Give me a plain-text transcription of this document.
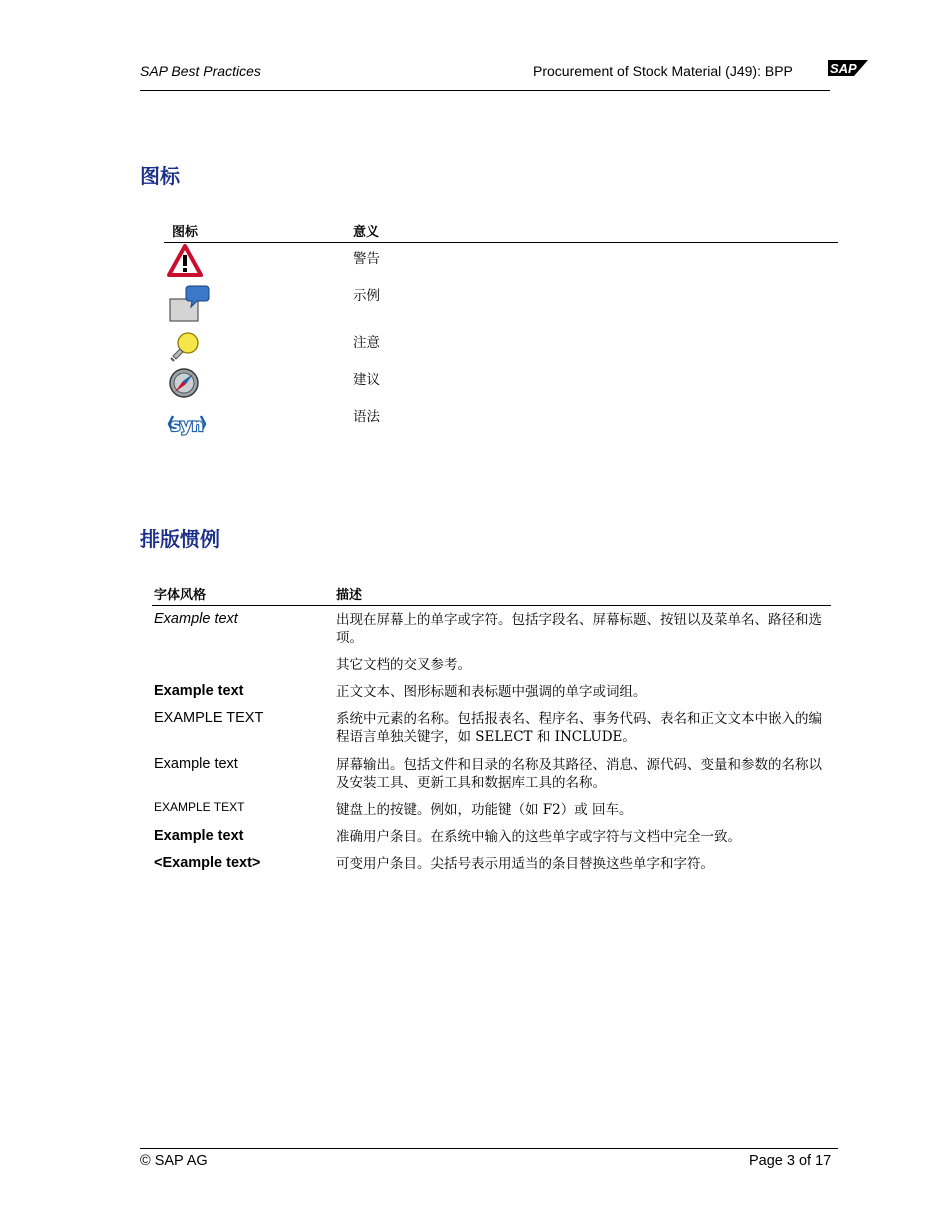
SAP Best Practices	Procurement of Stock Material (J49): BPP	SAP
图标
图标	意义
警告
示例
注意
建议
syn	语法
排版惯例
字体风格	描述
Example text	出现在屏幕上的单字或字符。包括字段名、屏幕标题、按钮以及菜单名、路径和选项。
其它文档的交叉参考。
Example text	正文文本、图形标题和表标题中强调的单字或词组。
EXAMPLE TEXT	系统中元素的名称。包括报表名、程序名、事务代码、表名和正文文本中嵌入的编程语言单独关键字，如 SELECT 和 INCLUDE。
Example text	屏幕输出。包括文件和目录的名称及其路径、消息、源代码、变量和参数的名称以及安装工具、更新工具和数据库工具的名称。
EXAMPLE TEXT	键盘上的按键。例如，功能键（如 F2）或 回车。
Example text	准确用户条目。在系统中输入的这些单字或字符与文档中完全一致。
<Example text>	可变用户条目。尖括号表示用适当的条目替换这些单字和字符。
© SAP AG	Page 3 of 17
